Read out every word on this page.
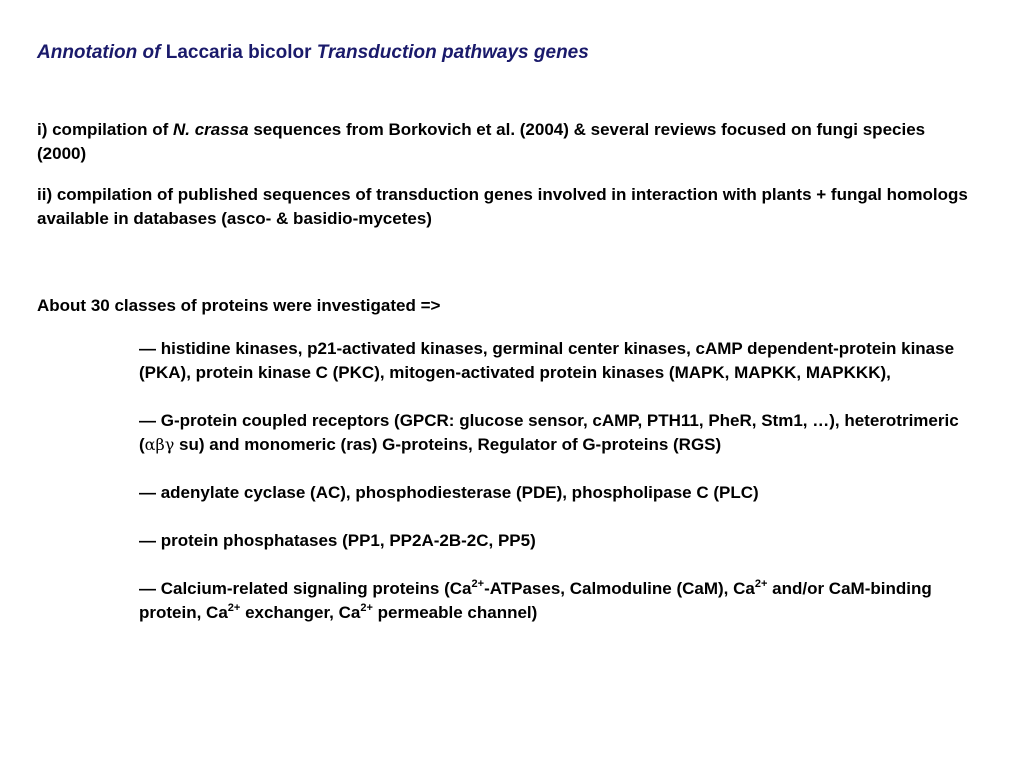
Annotation of Laccaria bicolor Transduction pathways genes
i) compilation of N. crassa sequences from Borkovich et al. (2004) & several reviews focused on fungi species (2000)
ii) compilation of published sequences of transduction genes involved in interaction with plants + fungal homologs available in databases (asco- & basidio-mycetes)
About 30 classes of proteins were investigated =>

— histidine kinases, p21-activated kinases, germinal center kinases, cAMP dependent-protein kinase (PKA), protein kinase C (PKC), mitogen-activated protein kinases (MAPK, MAPKK, MAPKKK),

— G-protein coupled receptors (GPCR: glucose sensor, cAMP, PTH11, PheR, Stm1, …), heterotrimeric (αβγ su) and monomeric (ras) G-proteins, Regulator of G-proteins (RGS)

— adenylate cyclase (AC), phosphodiesterase (PDE), phospholipase C (PLC)

— protein phosphatases (PP1, PP2A-2B-2C, PP5)

— Calcium-related signaling proteins ($Ca^{2+}$-ATPases, Calmoduline (CaM), $Ca^{2+}$ and/or CaM-binding protein, $Ca^{2+}$ exchanger, $Ca^{2+}$ permeable channel)
